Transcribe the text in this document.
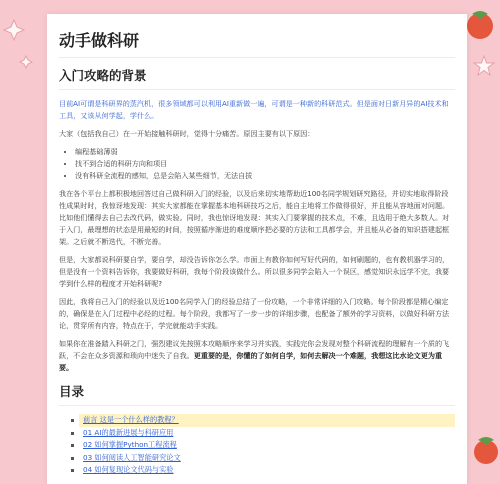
动手做科研
入门攻略的背景

目前AI可谓是科研界的蒸汽机，很多领域都可以利用AI重新做一遍，可谓是一种新的科研范式。但是面对日新月异的AI技术和工具，又该从何学起，学什么。

大家（包括我自己）在一开始接触科研时，觉得十分痛苦。原因主要有以下原因：

• 编程基础薄弱
• 找不到合适的科研方向和项目
• 没有科研全流程的感知，总是会陷入某些细节，无法自拔

我在各个平台上都积极地回答过自己做科研入门的经验，以及后来切实地帮助近100名同学规划研究路径，并切实地取得阶段性成果时时，我惊讶地发现：其实大家都能在掌握基本地科研技巧之后，能自主地将工作做得很好，并且能从容地面对问题。比如他们懂得去自己去改代码，做实验。同时，我也惊讶地发现：其实入门要掌握的技术点，不难，且选用于绝大多数人。对于入门，最理想的状态是用最短的时间，按照循序渐进的难度顺序把必要的方法和工具都学会，并且能从必备的知识搭建起框架。之后就不断迭代，不断完善。

但是，大家都说科研要自学，要自学，却没告诉你怎么学。市面上有教你如何写好代码的，如何刷题的，也有教机器学习的，但是没有一个资料告诉你，我要做好科研，我每个阶段该做什么。所以很多同学会陷入一个误区，感觉知识永远学不完，我要学到什么样的程度才开始科研呢?

因此，我将自己入门的经验以及近100名同学入门的经验总结了一份攻略，一个非常详细的入门攻略。每个阶段都是精心编定的，确保是在入门过程中必经的过程。每个阶段，我都写了一步一步的详细步骤，也配备了额外的学习资料，以做好科研方法论，贯穿所有内容，特点在于，学完就能动手实践。

如果你在准备踏入科研之门，强烈建议先按照本攻略顺序来学习并实践，实践完你会发现对整个科研流程的理解有一个质的飞跃，不会在众多资源和琐向中迷失了自我。更重要的是，你懂的了如何自学，如何去解决一个难题，我想这比水论文更为重要。

目录
前言 这是一个什么样的教程？
01 AI的最新进展与科研应用
02 如何掌握Python工程流程
03 如何阅读人工智能研究论文
04 如何复现论文代码与实验
